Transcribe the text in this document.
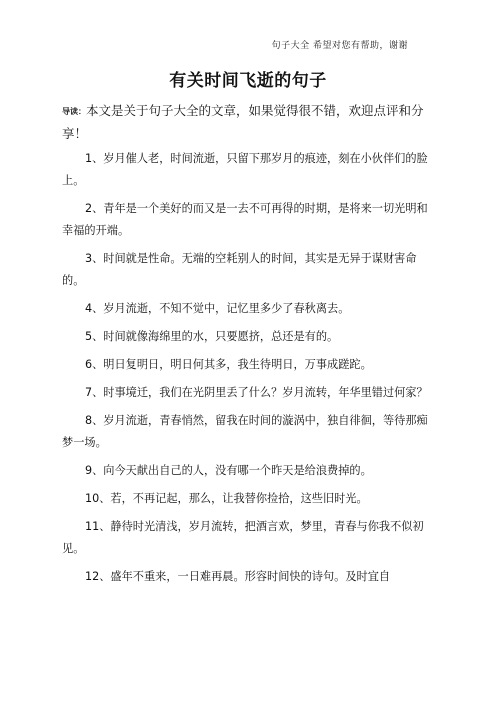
句子大全 希望对您有帮助，谢谢
有关时间飞逝的句子

导读：本文是关于句子大全的文章，如果觉得很不错，欢迎点评和分享！

1、岁月催人老，时间流逝，只留下那岁月的痕迹，刻在小伙伴们的脸上。

2、青年是一个美好的而又是一去不可再得的时期，是将来一切光明和幸福的开端。

3、时间就是性命。无端的空耗别人的时间，其实是无异于谋财害命的。

4、岁月流逝，不知不觉中，记忆里多少了春秋离去。

5、时间就像海绵里的水，只要愿挤，总还是有的。

6、明日复明日，明日何其多，我生待明日，万事成蹉跎。

7、时事境迁，我们在光阴里丢了什么？岁月流转，年华里错过何家？

8、岁月流逝，青春悄然，留我在时间的漩涡中，独自徘徊，等待那痴梦一场。

9、向今天献出自己的人，没有哪一个昨天是给浪费掉的。

10、若，不再记起，那么，让我替你捡拾，这些旧时光。

11、静待时光清浅，岁月流转，把酒言欢，梦里，青春与你我不似初见。

12、盛年不重来，一日难再晨。形容时间快的诗句。及时宜自
